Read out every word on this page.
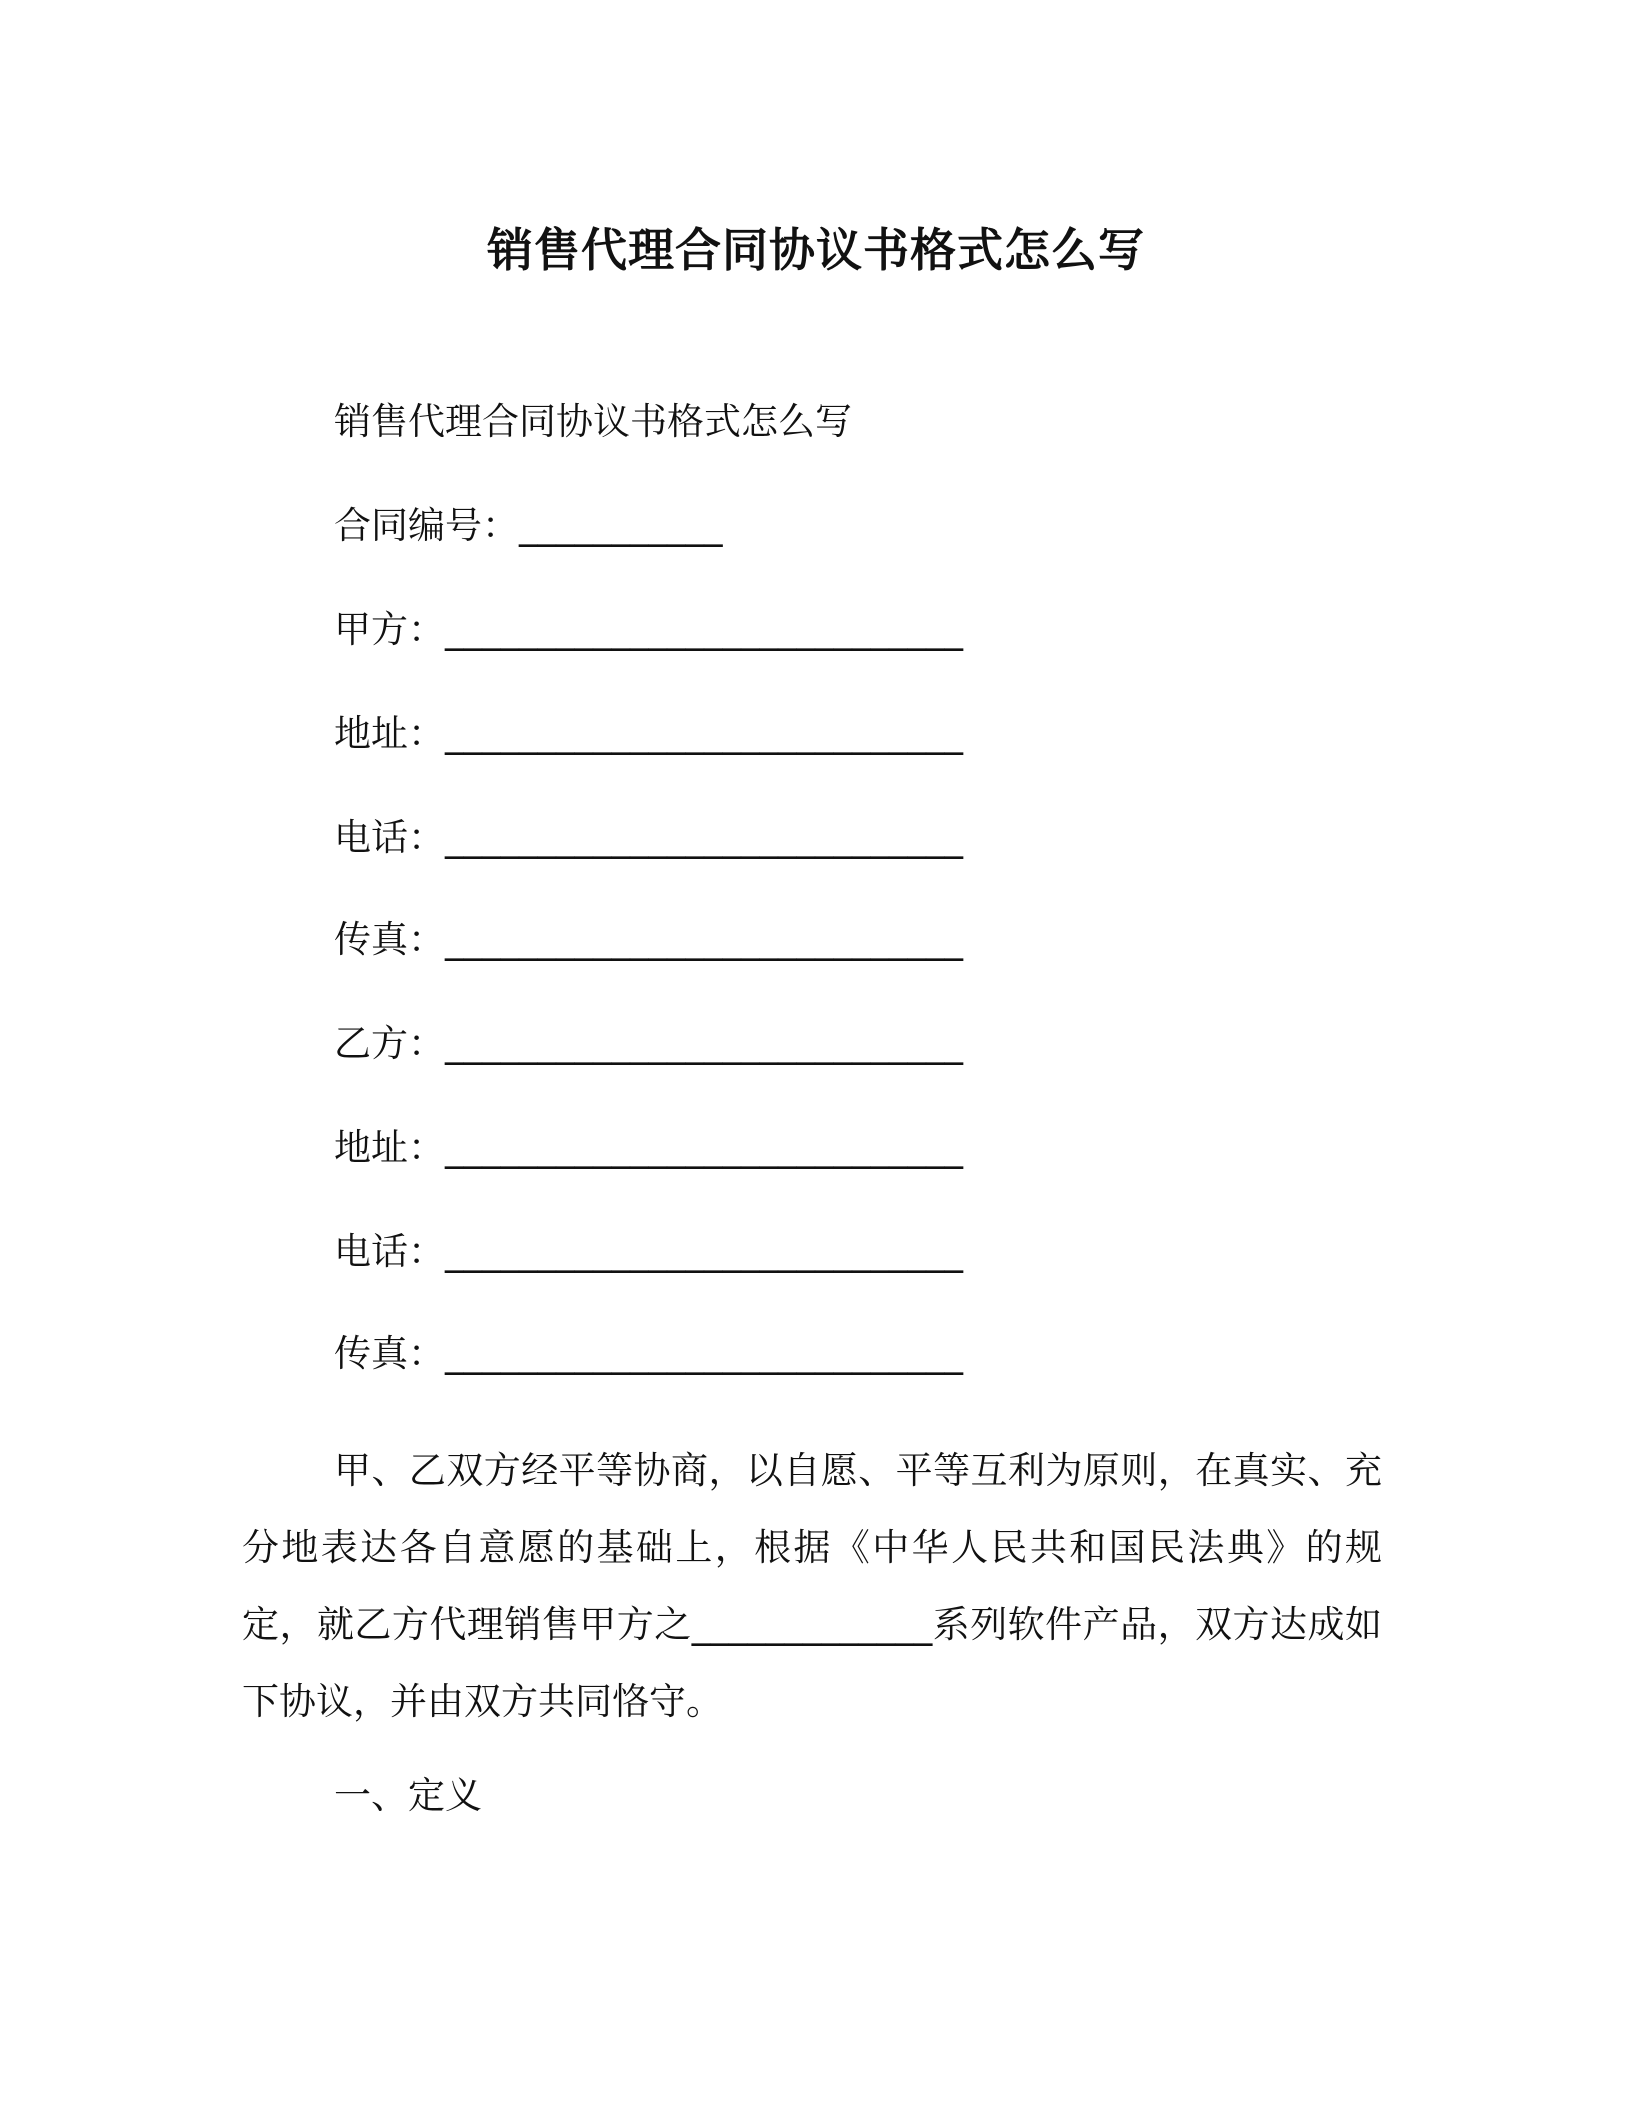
销售代理合同协议书格式怎么写
销售代理合同协议书格式怎么写
合同编号：___________
甲方：____________________________
地址：____________________________
电话：____________________________
传真：____________________________
乙方：____________________________
地址：____________________________
电话：____________________________
传真：____________________________
甲、乙双方经平等协商，以自愿、平等互利为原则，在真实、充分地表达各自意愿的基础上，根据《中华人民共和国民法典》的规定，就乙方代理销售甲方之_____________系列软件产品，双方达成如下协议，并由双方共同恪守。
一、定义
